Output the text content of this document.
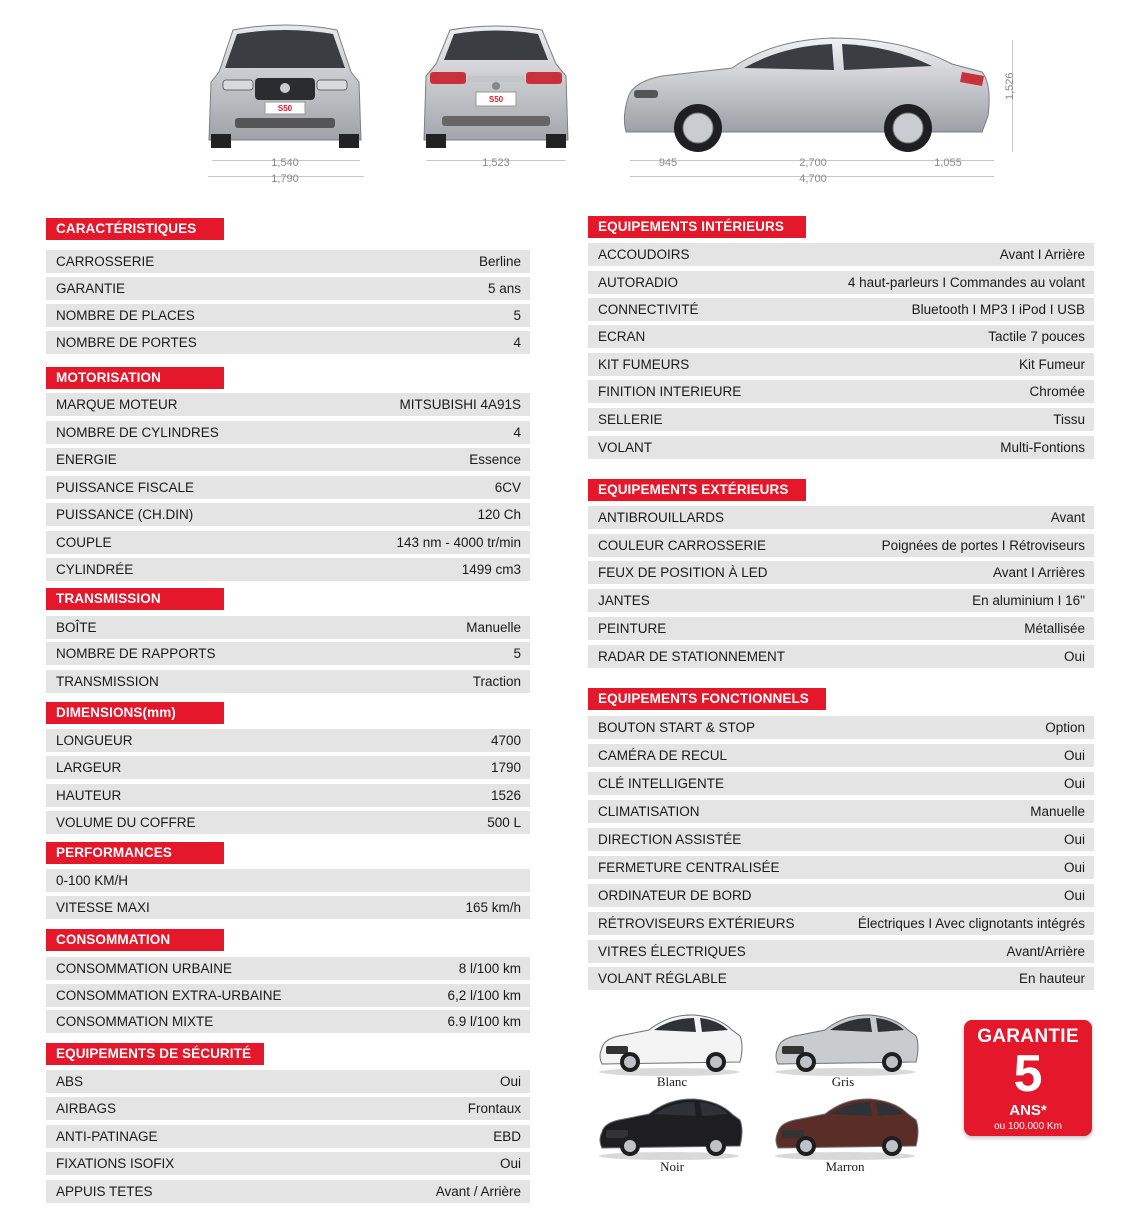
S50
S50
1,540
1,790
1,523	945	2,700	1,055
4,700
1,526
CARACTÉRISTIQUES
CARROSSERIE	Berline
GARANTIE	5 ans
NOMBRE DE PLACES	5
NOMBRE DE PORTES	4
MOTORISATION
MARQUE MOTEUR	MITSUBISHI 4A91S
NOMBRE DE CYLINDRES	4
ENERGIE	Essence
PUISSANCE FISCALE	6CV
PUISSANCE (CH.DIN)	120 Ch
COUPLE	143 nm - 4000 tr/min
CYLINDRÉE	1499 cm3
TRANSMISSION
BOÎTE	Manuelle
NOMBRE DE RAPPORTS	5
TRANSMISSION	Traction
DIMENSIONS(mm)
LONGUEUR	4700
LARGEUR	1790
HAUTEUR	1526
VOLUME DU COFFRE	500 L
PERFORMANCES
0-100 KM/H
VITESSE MAXI	165 km/h
CONSOMMATION
CONSOMMATION URBAINE	8 l/100 km
CONSOMMATION EXTRA-URBAINE	6,2 l/100 km
CONSOMMATION MIXTE	6.9 l/100 km
EQUIPEMENTS DE SÉCURITÉ
ABS	Oui
AIRBAGS	Frontaux
ANTI-PATINAGE	EBD
FIXATIONS ISOFIX	Oui
APPUIS TETES	Avant / Arrière
EQUIPEMENTS INTÉRIEURS
ACCOUDOIRS	Avant I Arrière
AUTORADIO	4 haut-parleurs I Commandes au volant
CONNECTIVITÉ	Bluetooth I MP3 I iPod I USB
ECRAN	Tactile 7 pouces
KIT FUMEURS	Kit Fumeur
FINITION INTERIEURE	Chromée
SELLERIE	Tissu
VOLANT	Multi-Fontions
EQUIPEMENTS EXTÉRIEURS
ANTIBROUILLARDS	Avant
COULEUR CARROSSERIE	Poignées de portes I Rétroviseurs
FEUX DE POSITION À LED	Avant I Arrières
JANTES	En aluminium I 16"
PEINTURE	Métallisée
RADAR DE STATIONNEMENT	Oui
EQUIPEMENTS FONCTIONNELS
BOUTON START & STOP	Option
CAMÉRA DE RECUL	Oui
CLÉ INTELLIGENTE	Oui
CLIMATISATION	Manuelle
DIRECTION ASSISTÉE	Oui
FERMETURE CENTRALISÉE	Oui
ORDINATEUR DE BORD	Oui
RÉTROVISEURS EXTÉRIEURS	Électriques I Avec clignotants intégrés
VITRES ÉLECTRIQUES	Avant/Arrière
VOLANT RÉGLABLE	En hauteur
Blanc	Gris
Noir	Marron
GARANTIE
5
ANS*
ou 100.000 Km
